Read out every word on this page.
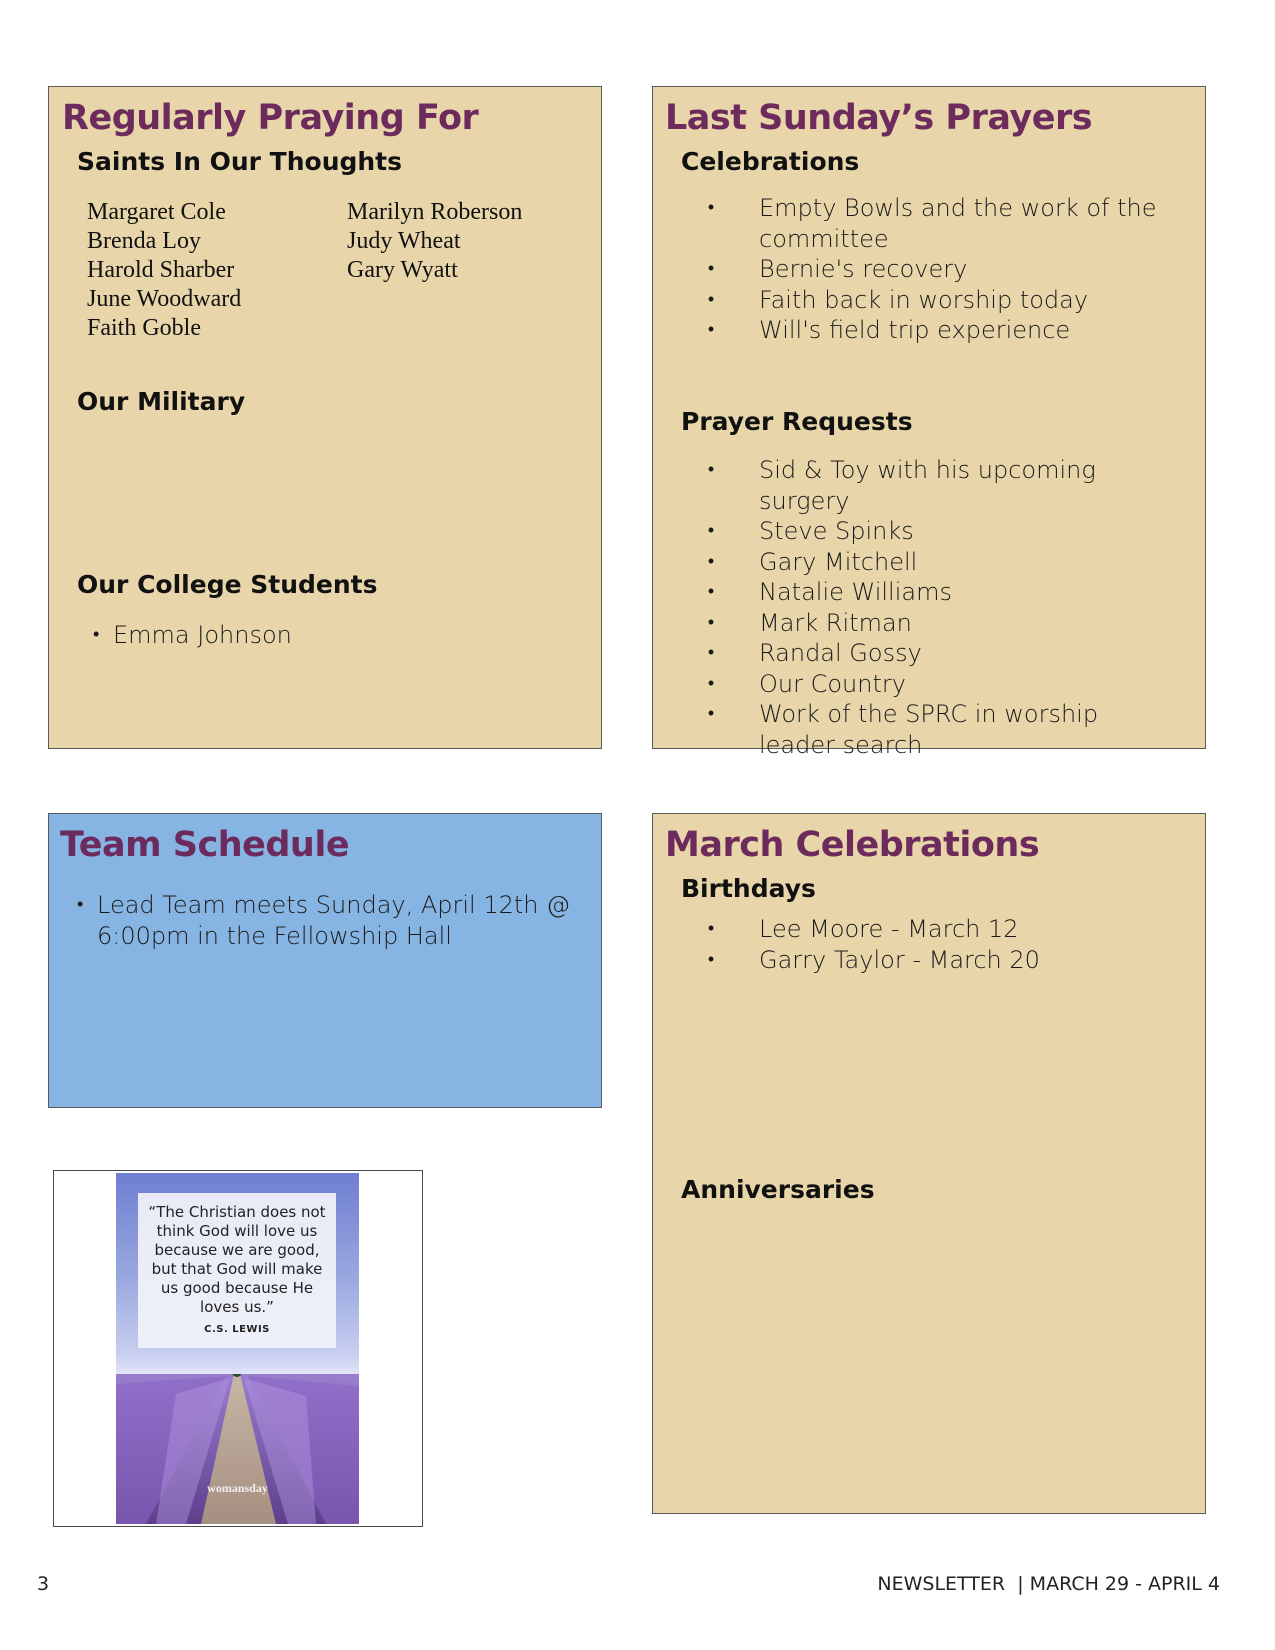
Regularly Praying For
Saints In Our Thoughts
Margaret Cole
Brenda Loy
Harold Sharber
June Woodward
Faith Goble
Marilyn Roberson
Judy Wheat
Gary Wyatt
Our Military
Our College Students
• Emma Johnson
Last Sunday’s Prayers
Celebrations
• Empty Bowls and the work of the committee
• Bernie's recovery
• Faith back in worship today
• Will's field trip experience
Prayer Requests
• Sid & Toy with his upcoming surgery
• Steve Spinks
• Gary Mitchell
• Natalie Williams
• Mark Ritman
• Randal Gossy
• Our Country
• Work of the SPRC in worship leader search
Team Schedule
• Lead Team meets Sunday, April 12th @ 6:00pm in the Fellowship Hall
March Celebrations
Birthdays
• Lee Moore - March 12
• Garry Taylor - March 20
Anniversaries
“The Christian does not think God will love us because we are good, but that God will make us good because He loves us.”
C.S. LEWIS
womansday
3	NEWSLETTER | MARCH 29 - APRIL 4
